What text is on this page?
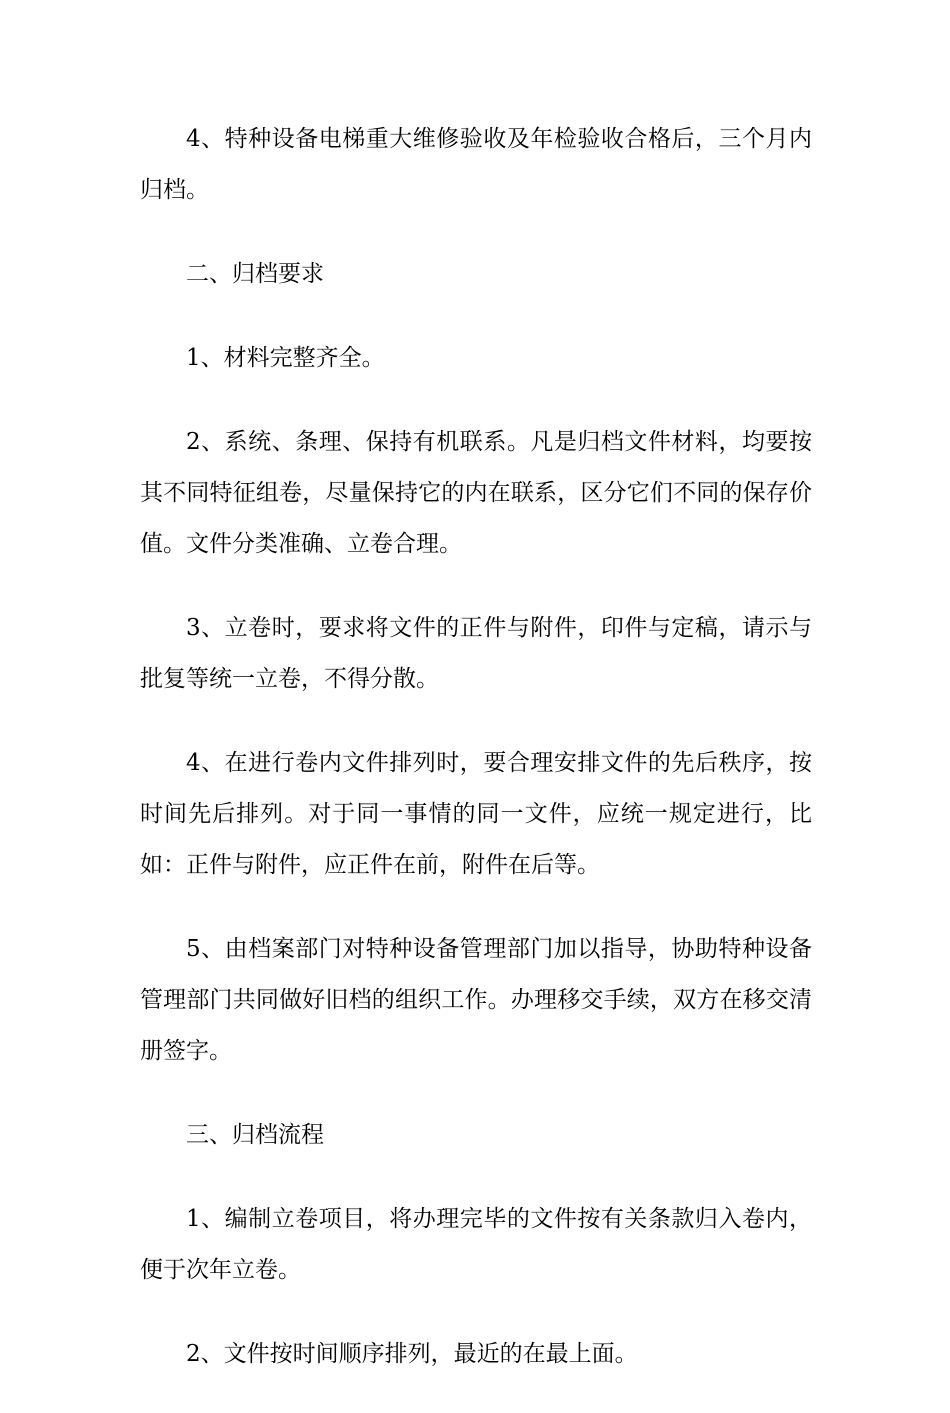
4、特种设备电梯重大维修验收及年检验收合格后，三个月内归档。

二、归档要求

1、材料完整齐全。

2、系统、条理、保持有机联系。凡是归档文件材料，均要按其不同特征组卷，尽量保持它的内在联系，区分它们不同的保存价值。文件分类准确、立卷合理。

3、立卷时，要求将文件的正件与附件，印件与定稿，请示与批复等统一立卷，不得分散。

4、在进行卷内文件排列时，要合理安排文件的先后秩序，按时间先后排列。对于同一事情的同一文件，应统一规定进行，比如：正件与附件，应正件在前，附件在后等。

5、由档案部门对特种设备管理部门加以指导，协助特种设备管理部门共同做好旧档的组织工作。办理移交手续，双方在移交清册签字。

三、归档流程

1、编制立卷项目，将办理完毕的文件按有关条款归入卷内，便于次年立卷。

2、文件按时间顺序排列，最近的在最上面。
